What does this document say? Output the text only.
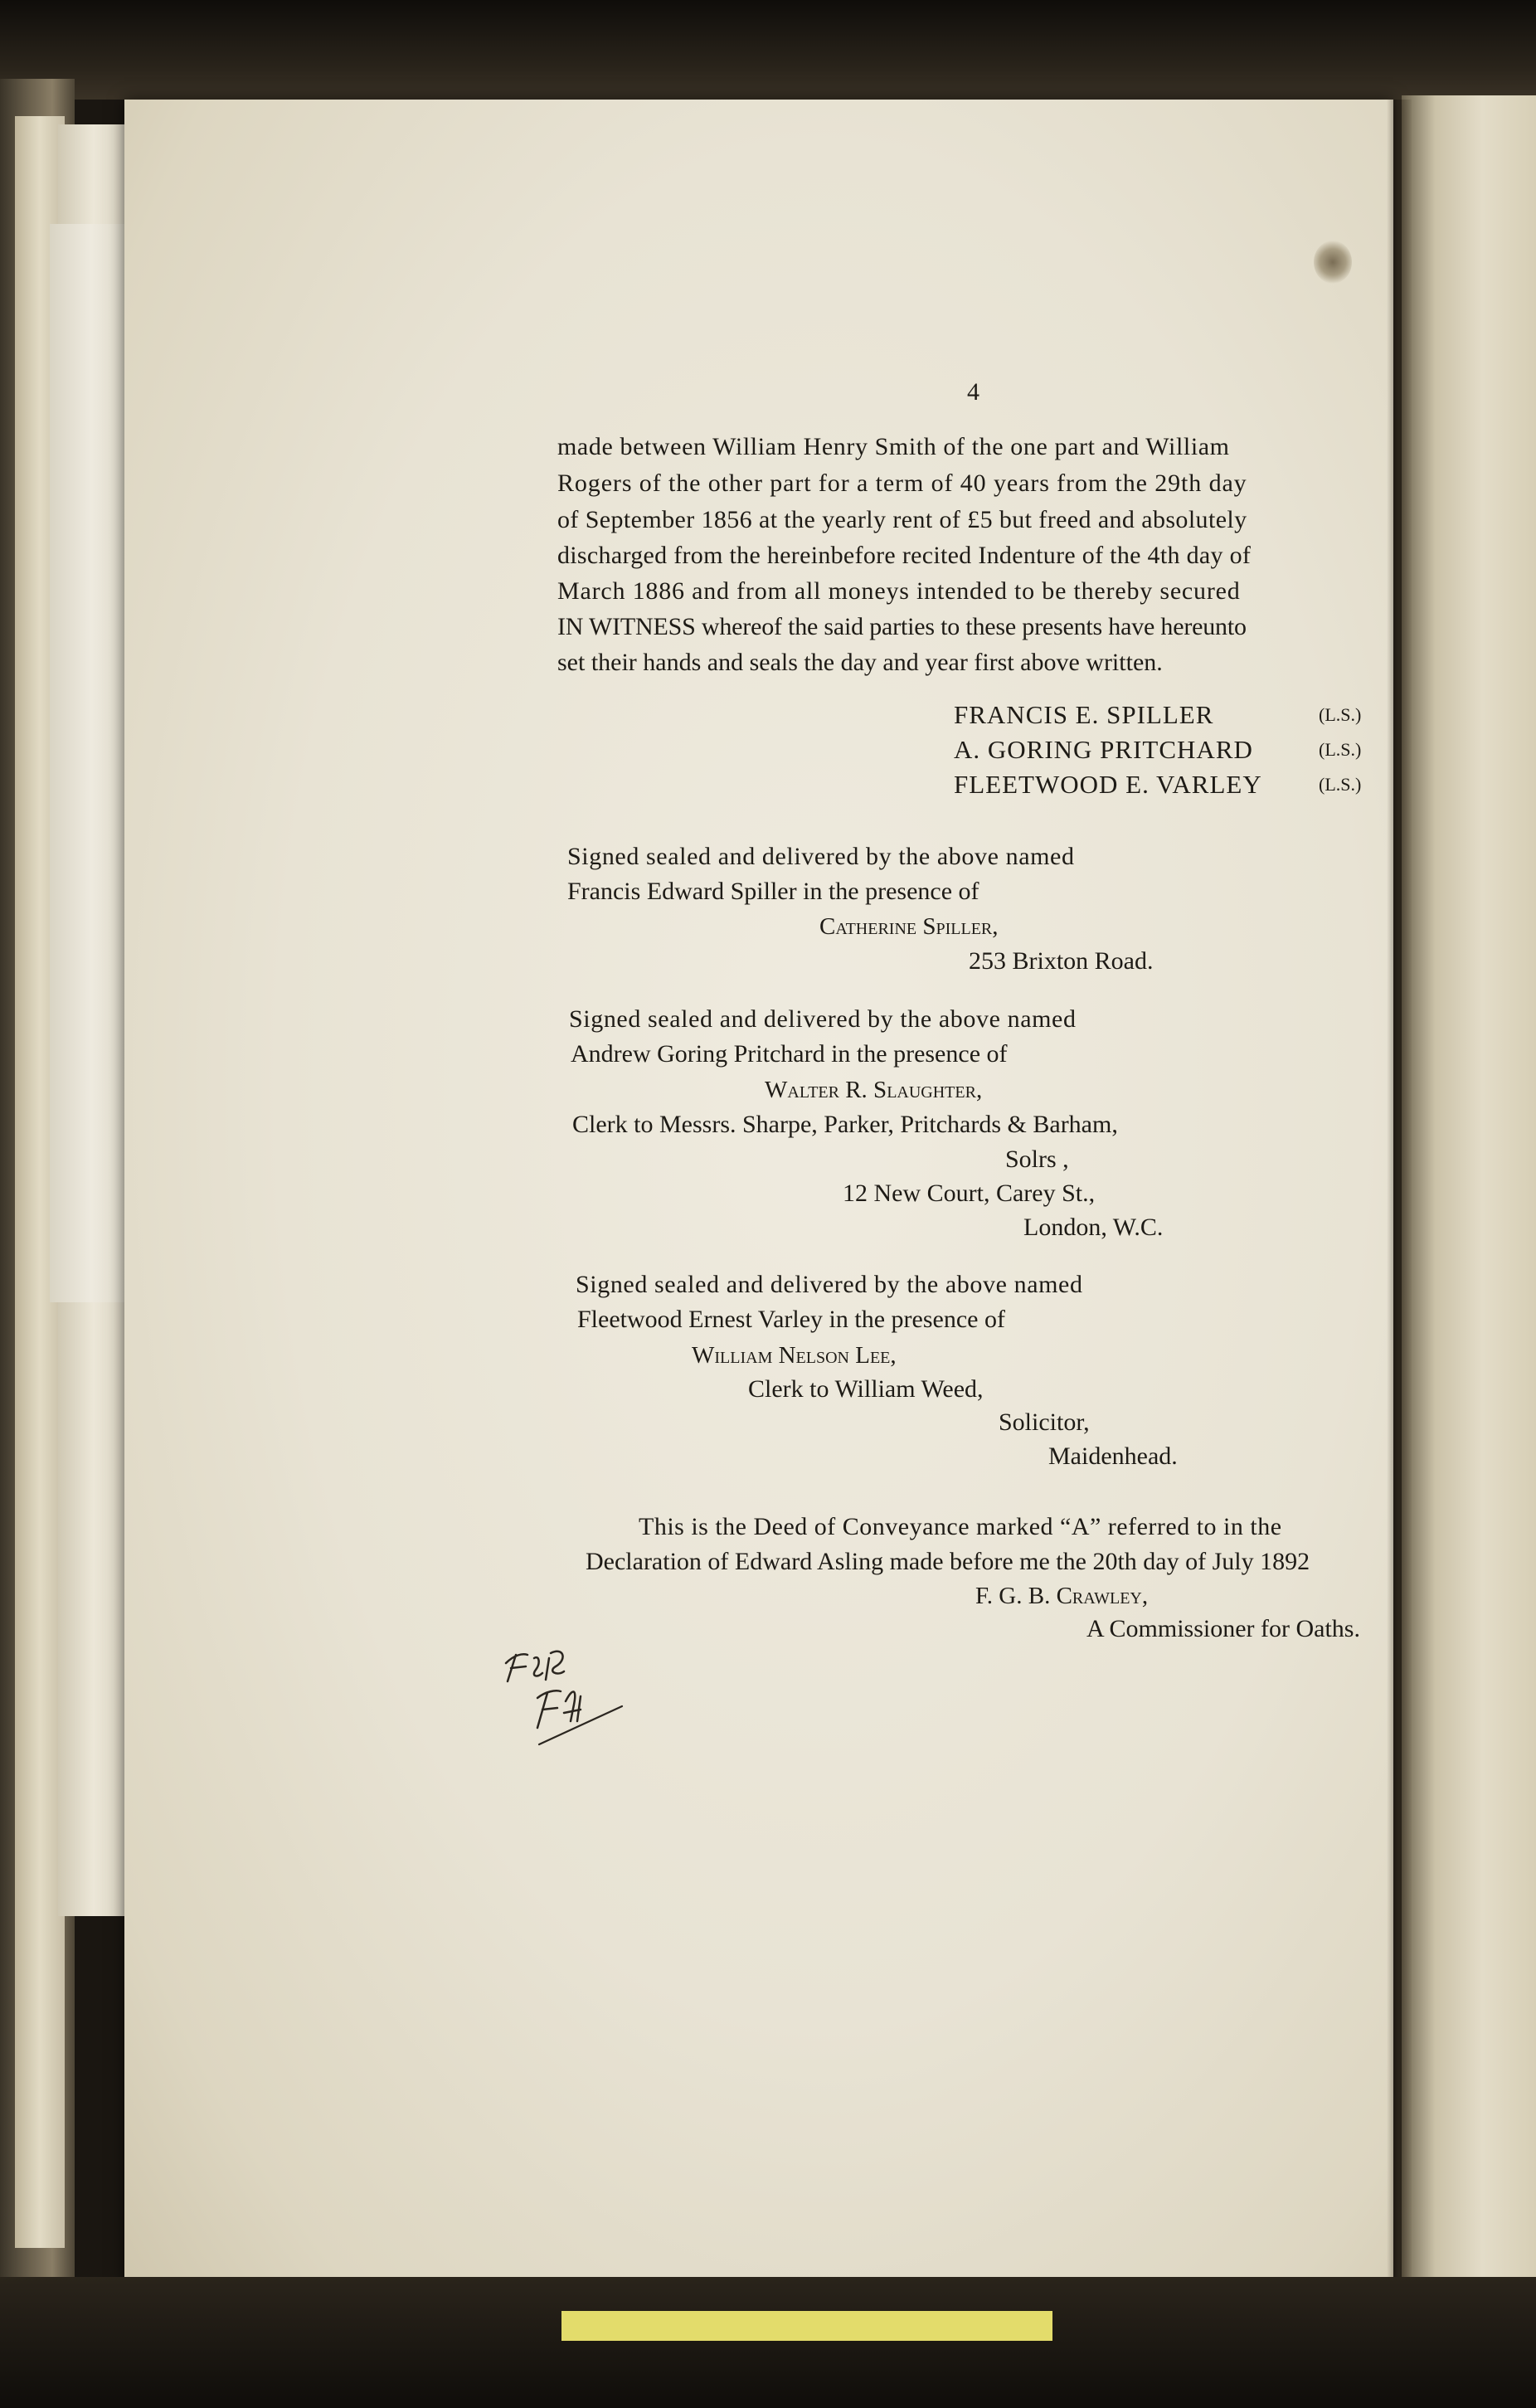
4
made between William Henry Smith of the one part and William
Rogers of the other part for a term of 40 years from the 29th day
of September 1856 at the yearly rent of £5 but freed and absolutely
discharged from the hereinbefore recited Indenture of the 4th day of
March 1886 and from all moneys intended to be thereby secured
IN WITNESS whereof the said parties to these presents have hereunto
set their hands and seals the day and year first above written.
FRANCIS E. SPILLER	(L.S.)
A. GORING PRITCHARD	(L.S.)
FLEETWOOD E. VARLEY	(L.S.)
Signed sealed and delivered by the above named
Francis Edward Spiller in the presence of
Catherine Spiller,
253 Brixton Road.
Signed sealed and delivered by the above named
Andrew Goring Pritchard in the presence of
Walter R. Slaughter,
Clerk to Messrs. Sharpe, Parker, Pritchards & Barham,
Solrs ,
12 New Court, Carey St.,
London, W.C.
Signed sealed and delivered by the above named
Fleetwood Ernest Varley in the presence of
William Nelson Lee,
Clerk to William Weed,
Solicitor,
Maidenhead.
This is the Deed of Conveyance marked “A” referred to in the
Declaration of Edward Asling made before me the 20th day of July 1892
F. G. B. Crawley,
A Commissioner for Oaths.
